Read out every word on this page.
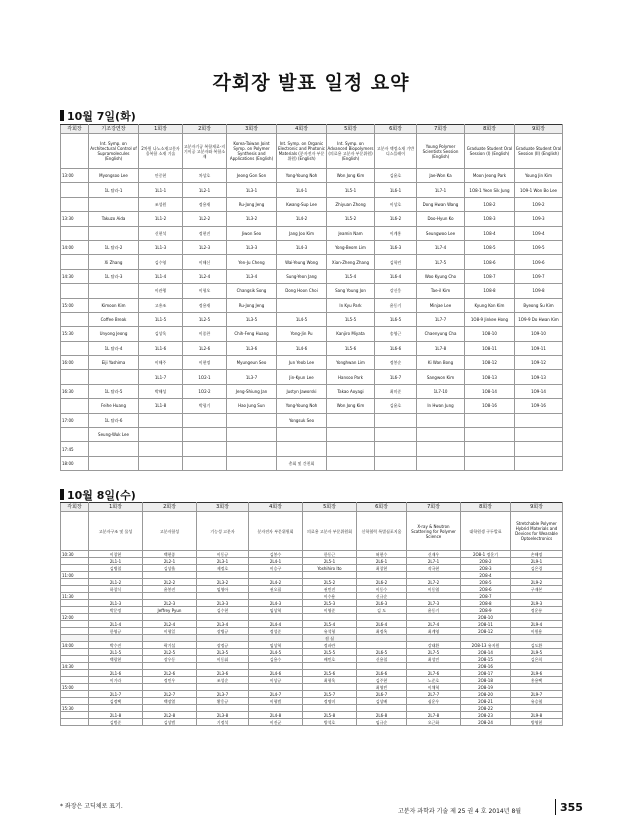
각회장 발표 일정 요약
10월 7일(화)
각회장	기조강연장	1회장	2회장	3회장	4회장	5회장	6회장	7회장	8회장	9회장
	Int. Symp. on Architectural Control of Supramolecules (English)	2차원 나노소재고분자 융복합 소재 기술	고분자기공 복합재료-지기이공 고분자와 복합소재	Korea-Taiwan Joint Symp. on Polymer Synthesis and Applications (English)	Int. Symp. on Organic Electronic and Photonic Materials (분자전자 부문위원) (English)	Int. Symp. on Advanced Biopolymers (의료용 고분자 부문위원) (English)	고분자 액정소재 기반 디스플레이	Young Polymer Scientists Session (English)	Graduate Student Oral Session (I) (English)	Graduate Student Oral Session (II) (English)
13:00	Myongsoo Lee	안중현	차상호	Jeong Gon Son	Yong-Young Noh	Won Jong Kim	김윤호	Jae-Won Ka	Moon Jeong Park	Young Jin Kim
	1L 탑라-1	1L1-1	1L2-1	1L3-1	1L4-1	1L5-1	1L6-1	1L7-1	1O8-1 Yeon Sik Jung	1O9-1 Won Bo Lee
		조성원	정용재	Ru-Jong Jeng	Kwang-Sup Lee	Zhiyuan Zhong	이상호	Dong Hwan Wang	1O8-2	1O9-2
13:30	Takuzo Aida	1L1-2	1L2-2	1L3-2	1L4-2	1L5-2	1L6-2	Doo-Hyun Ko	1O8-3	1O9-3
		신현석	정현진	Jiwon Seo	Jang Joo Kim	Jeamin Nam	이계홍	Seungwoo Lee	1O8-4	1O9-4
14:00	1L 탑라-2	1L1-3	1L2-3	1L3-3	1L4-3	Yong-Beom Lim	1L6-3	1L7-4	1O8-5	1O9-5
	Xi Zhang	김수영	이해신	Yen-Ju Cheng	Wai-Yeung Wong	Xian-Zheng Zhang	김학린	1L7-5	1O8-6	1O9-6
14:30	1L 탑라-3	1L1-4	1L2-4	1L3-4	Sung-Yeon Jang	1L5-4	1L6-4	Woo Kyung Cho	1O8-7	1O9-7
		이관행	이형오	Changsik Song	Dong Hoon Choi	Sang Young Jon	강신웅	Tae-il Kim	1O8-8	1O9-8
15:00	Kimoon Kim	고흥조	정용재	Ru-Jong Jeng		In Kyu Park	윤동기	Minjae Lee	Kyung Kon Kim	Byeong Su Kim
	Coffee Break	1L1-5	1L2-5	1L3-5	1L4-5	1L5-5	1L6-5	1L7-7	1O8-9 Jinkee Hong	1O9-9 Do Hwan Kim
15:30	Unyong Jeong	김상욱	이종찬	Chih-Feng Huang	Yong-Jin Pu	Kanjiro Miyata	송영근	Chaenyung Cha	1O8-10	1O9-10
	1L 탑라-4	1L1-6	1L2-6	1L3-6	1L4-6	1L5-6	1L6-6	1L7-8	1O8-11	1O9-11
16:00	Eiji Yashima	이해주	이현정	Myungeun Seo	Jun Yeob Lee	Yonghwan Lim	정봉순	Ki Wan Bong	1O8-12	1O9-12
		1L1-7	1O2-1	1L3-7	Jin-Kyun Lee	Hansoo Park	1L6-7	Sangwon Kim	1O8-13	1O9-13
16:30	1L 탑라-5	박해성	1O2-2	Jeng-Shiung Jan	Justyn Jaworski	Takao Aoyagi	최미준	1L7-10	1O8-14	1O9-14
	Feihe Huang	1L1-8	박평기	Hao Jung Sun	Yong-Young Noh	Won Jong Kim	김윤호	In Hwan Jung	1O8-16	1O9-16
17:00	1L 탑라-6				Yongsuk Seo					
	Seung-Wuk Lee									
17:45										
18:00					총회 및 간친회					
10월 8일(수)
각회장	1회장	2회장	3회장	4회장	5회장	6회장	7회장	8회장	9회장
	고분자구조 및 물성	고분자합성	기능성 고분자	분자전자 부문위원회	의료용 고분자 부문위원회	신학협력 특별심포지움	X-ray & Neutron Scattering for Polymer Science	대학원생 구두발표	Stretchable Polymer Hybrid Materials and Devices for Wearable Optoelectronics
10:30	이창현	백현종	이동규	김봉수	한동근	허현수	신재우	2O8-1 정운기	손해정
	2L1-1	2L2-1	2L3-1	2L4-1	2L5-1	2L6-1	2L7-1	2O8-2	2L9-1
	김병철	김상율	제정호	이승구	Yoshihiro Ito	최창현	작국현	2O8-3	김은경
11:00								2O8-4	
	2L1-2	2L2-2	2L3-2	2L4-2	2L5-2	2L6-2	2L7-2	2O8-5	2L9-2
	하창식	윤봉진	임영아	권오필	권민진	이동수	이동엽	2O8-6	구재본
11:30					이수용	신규순		2O8-7	
	2L1-3	2L2-3	2L3-3	2L4-3	2L5-3	2L6-3	2L7-3	2O8-8	2L9-3
	박문정	Jeffrey Pyun	김수현	임상혁	이영준	김 도	윤동기	2O8-9	정운룡
12:00								2O8-10	
	2L1-4	2L2-4	2L3-4	2L4-4	2L5-4	2L6-4	2L7-4	2O8-11	2L9-4
	한영규	이형일	장병규	정성준	유석형	최정옥	최계영	2O8-12	이원용
					점 심				
14:00	박수진	곽기섭	장정규	임상혁	정파란		강태환	2O8-13 유지원	김도환
	2L1-5	2L2-5	2L3-5	2L4-5	2L5-5	2L6-5	2L7-5	2O8-14	2L9-5
	백광현	장우동	이동휘	김용수	배민호	신용철	최성민	2O8-15	김은희
14:30								2O8-16	
	2L1-6	2L2-6	2L3-6	2L4-6	2L5-6	2L6-6	2L7-6	2O8-17	2L9-6
	이기라	정민우	조성순	이상규	최형욱	김주현	노준호	2O8-18	홍용택
15:00						최영빈	이채혁	2O8-19	
	2L1-7	2L2-7	2L3-7	2L4-7	2L5-7	2L6-7	2L7-7	2O8-20	2L9-7
	김정택	백장열	황웅규	이형범	정명미	김상배	심운우	2O8-21	유승협
15:30								2O8-22	
	2L1-8	2L2-8	2L3-8	2L4-8	2L5-8	2L6-8	2L7-8	2O8-23	2L9-8
	김범준	김상범	기정석	이진균	방석호	임규순	오근화	2O8-24	방영현
* 좌장은 고딕체로 표기.
고분자 과학과 기술 제 25 권 4 호 2014년 8월	355
